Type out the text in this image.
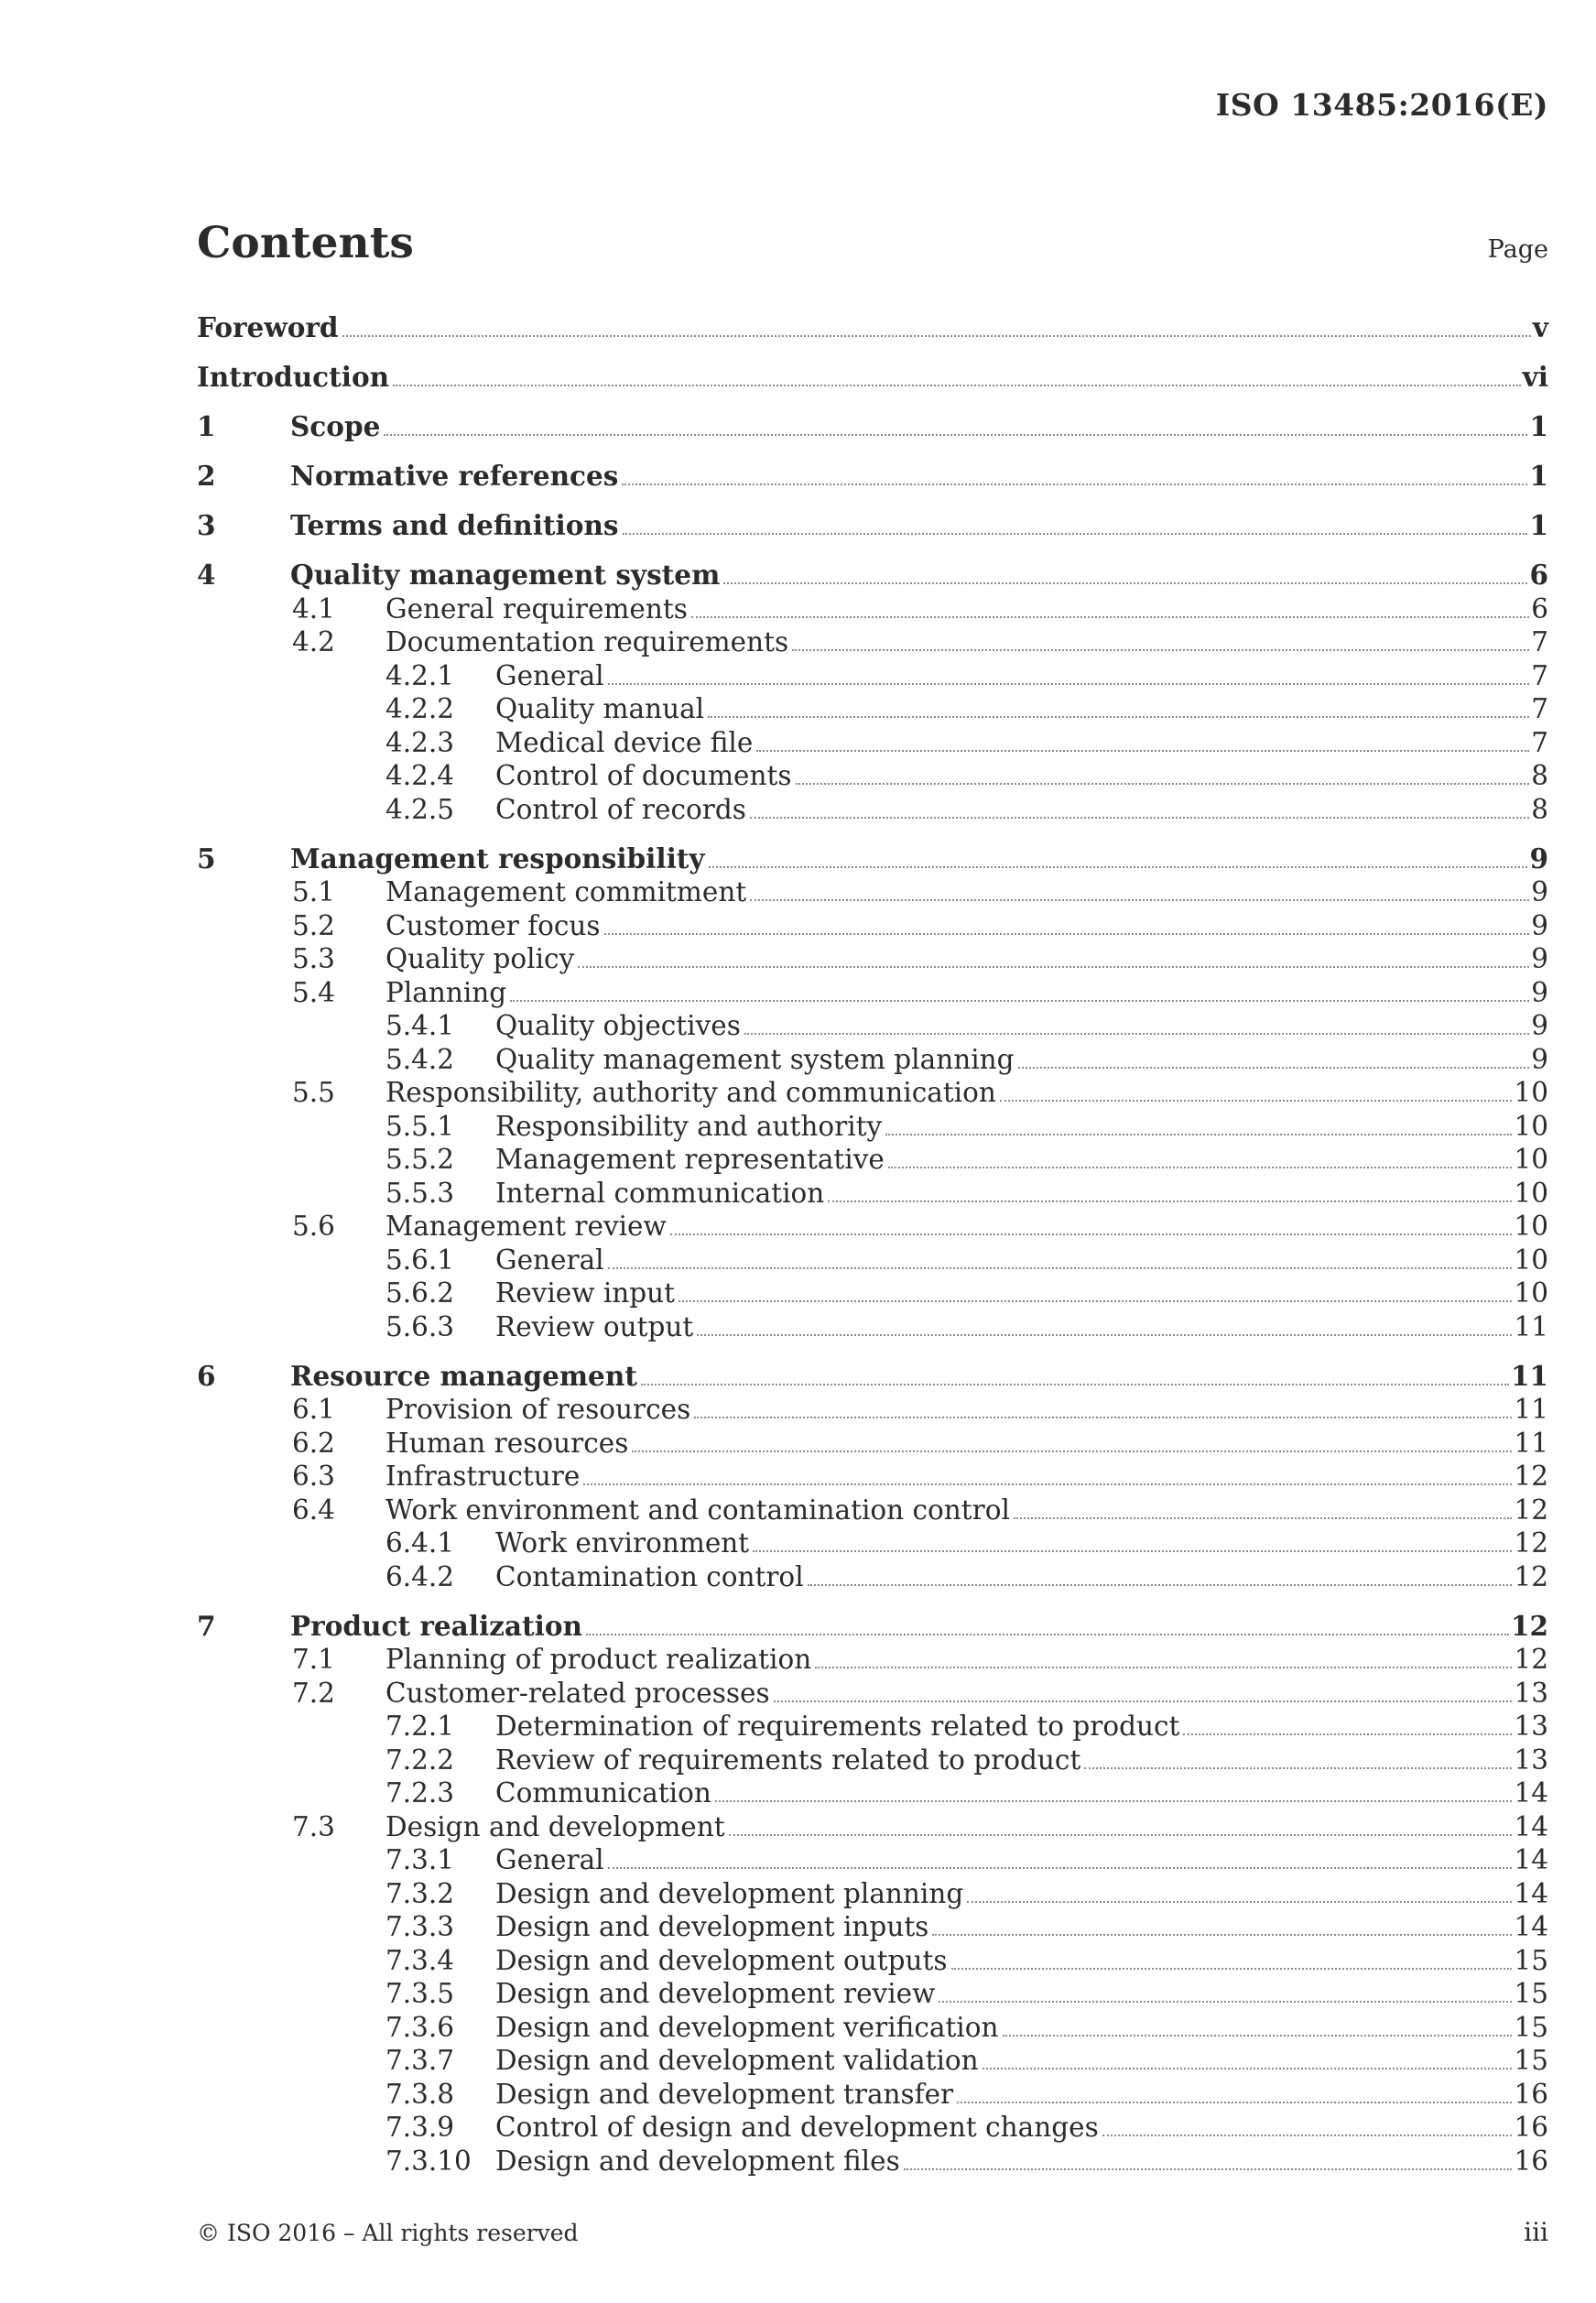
ISO 13485:2016(E)
Contents	Page
Foreword	v
Introduction	vi
1	Scope	1
2	Normative references	1
3	Terms and definitions	1
4	Quality management system	6
4.1 General requirements	6
4.2 Documentation requirements	7
4.2.1 General	7
4.2.2 Quality manual	7
4.2.3 Medical device file	7
4.2.4 Control of documents	8
4.2.5 Control of records	8
5	Management responsibility	9
5.1 Management commitment	9
5.2 Customer focus	9
5.3 Quality policy	9
5.4 Planning	9
5.4.1 Quality objectives	9
5.4.2 Quality management system planning	9
5.5 Responsibility, authority and communication	10
5.5.1 Responsibility and authority	10
5.5.2 Management representative	10
5.5.3 Internal communication	10
5.6 Management review	10
5.6.1 General	10
5.6.2 Review input	10
5.6.3 Review output	11
6	Resource management	11
6.1 Provision of resources	11
6.2 Human resources	11
6.3 Infrastructure	12
6.4 Work environment and contamination control	12
6.4.1 Work environment	12
6.4.2 Contamination control	12
7	Product realization	12
7.1 Planning of product realization	12
7.2 Customer-related processes	13
7.2.1 Determination of requirements related to product	13
7.2.2 Review of requirements related to product	13
7.2.3 Communication	14
7.3 Design and development	14
7.3.1 General	14
7.3.2 Design and development planning	14
7.3.3 Design and development inputs	14
7.3.4 Design and development outputs	15
7.3.5 Design and development review	15
7.3.6 Design and development verification	15
7.3.7 Design and development validation	15
7.3.8 Design and development transfer	16
7.3.9 Control of design and development changes	16
7.3.10 Design and development files	16
© ISO 2016 – All rights reserved	iii
